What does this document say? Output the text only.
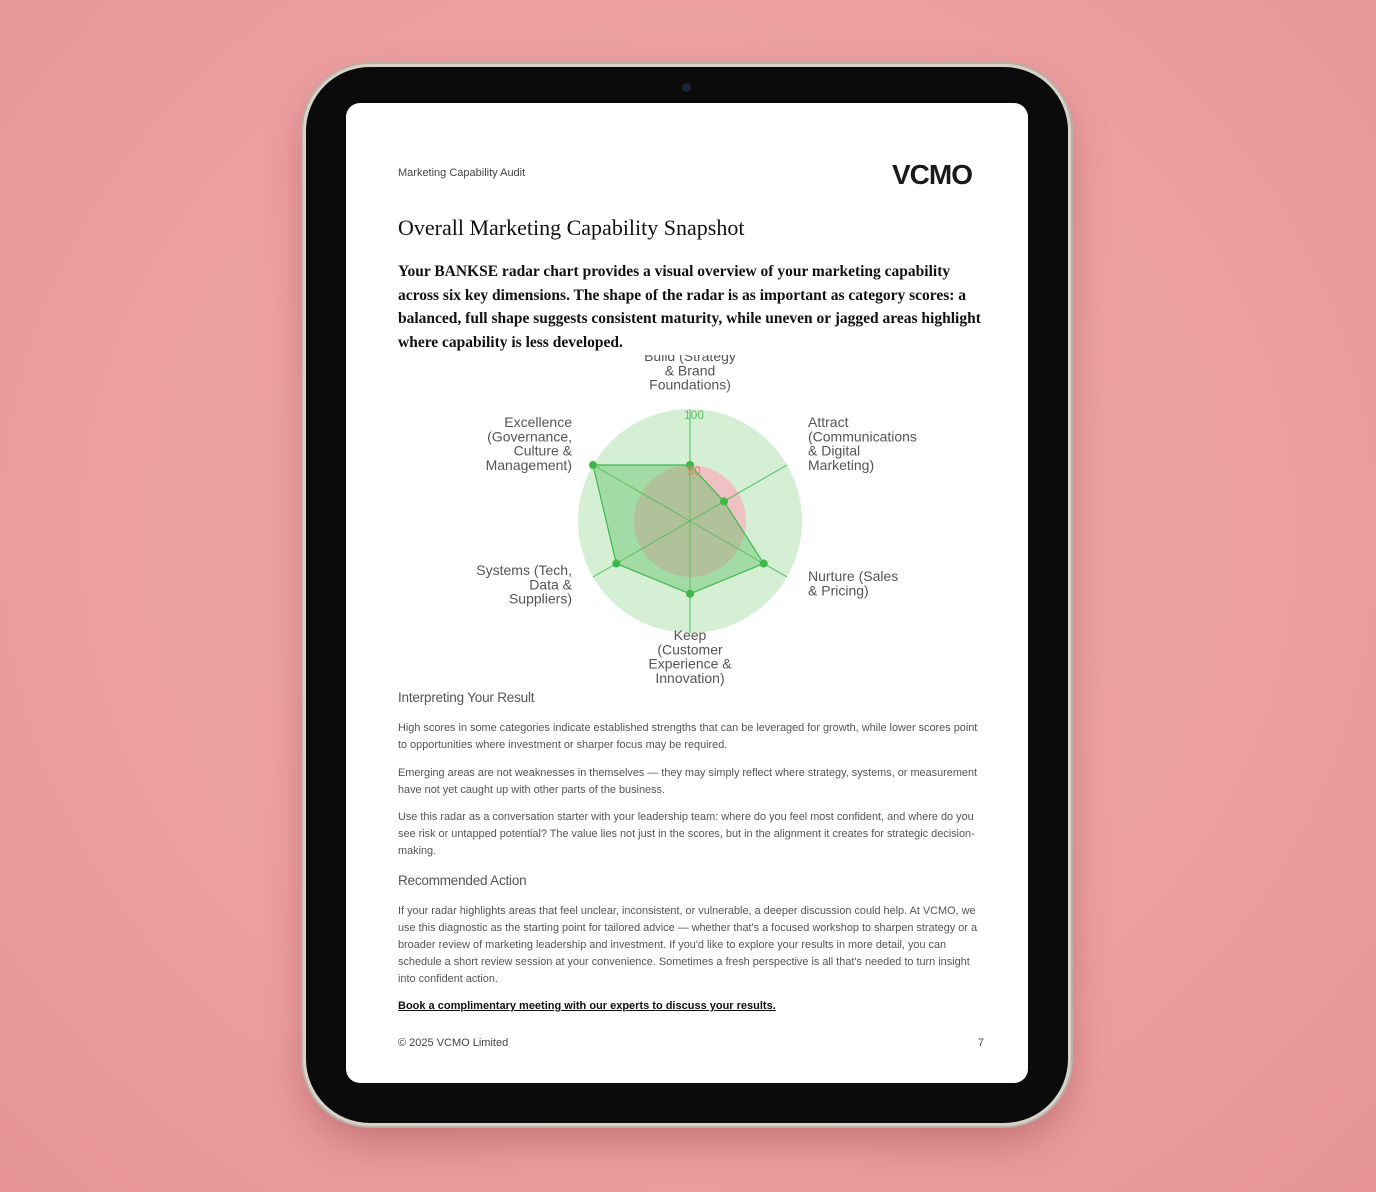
Marketing Capability Audit	VCMO
Overall Marketing Capability Snapshot
Your BANKSE radar chart provides a visual overview of your marketing capability across six key dimensions. The shape of the radar is as important as category scores: a balanced, full shape suggests consistent maturity, while uneven or jagged areas highlight where capability is less developed.
50
100
Build (Strategy & Brand Foundations)
Attract (Communications & Digital Marketing)
Nurture (Sales & Pricing)
Keep (Customer Experience & Innovation)
Systems (Tech, Data & Suppliers)
Excellence (Governance, Culture & Management)
Interpreting Your Result
High scores in some categories indicate established strengths that can be leveraged for growth, while lower scores point to opportunities where investment or sharper focus may be required.
Emerging areas are not weaknesses in themselves — they may simply reflect where strategy, systems, or measurement have not yet caught up with other parts of the business.
Use this radar as a conversation starter with your leadership team: where do you feel most confident, and where do you see risk or untapped potential? The value lies not just in the scores, but in the alignment it creates for strategic decision-making.
Recommended Action
If your radar highlights areas that feel unclear, inconsistent, or vulnerable, a deeper discussion could help. At VCMO, we use this diagnostic as the starting point for tailored advice — whether that's a focused workshop to sharpen strategy or a broader review of marketing leadership and investment. If you'd like to explore your results in more detail, you can schedule a short review session at your convenience. Sometimes a fresh perspective is all that's needed to turn insight into confident action.
Book a complimentary meeting with our experts to discuss your results.
© 2025 VCMO Limited	7
